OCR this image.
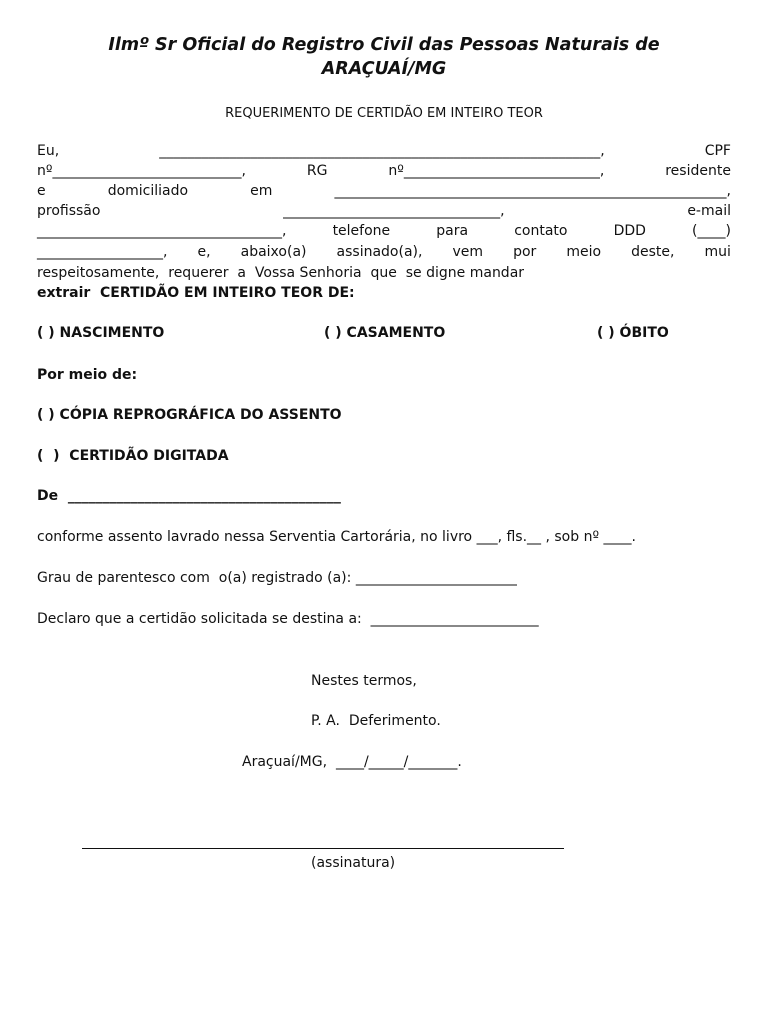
Ilmº Sr Oficial do Registro Civil das Pessoas Naturais de
ARAÇUAÍ/MG
REQUERIMENTO DE CERTIDÃO EM INTEIRO TEOR
Eu,	_______________________________________________________________,	CPF
nº___________________________,	RG	nº____________________________,	residente
e	domiciliado	em	________________________________________________________,
profissão	_______________________________,	e-mail
___________________________________,	telefone	para	contato	DDD	(____)
__________________, e, abaixo(a) assinado(a), vem por meio deste, mui
respeitosamente,  requerer  a  Vossa Senhoria  que  se digne mandar
extrair  CERTIDÃO EM INTEIRO TEOR DE:
( ) NASCIMENTO	( ) CASAMENTO	( ) ÓBITO
Por meio de:
( ) CÓPIA REPROGRÁFICA DO ASSENTO
(  )  CERTIDÃO DIGITADA
De  _______________________________________
conforme assento lavrado nessa Serventia Cartorária, no livro ___, fls.__ , sob nº ____.
Grau de parentesco com  o(a) registrado (a): _______________________
Declaro que a certidão solicitada se destina a:  ________________________
Nestes termos,
P. A.  Deferimento.
Araçuaí/MG,  ____/_____/_______.
(assinatura)
